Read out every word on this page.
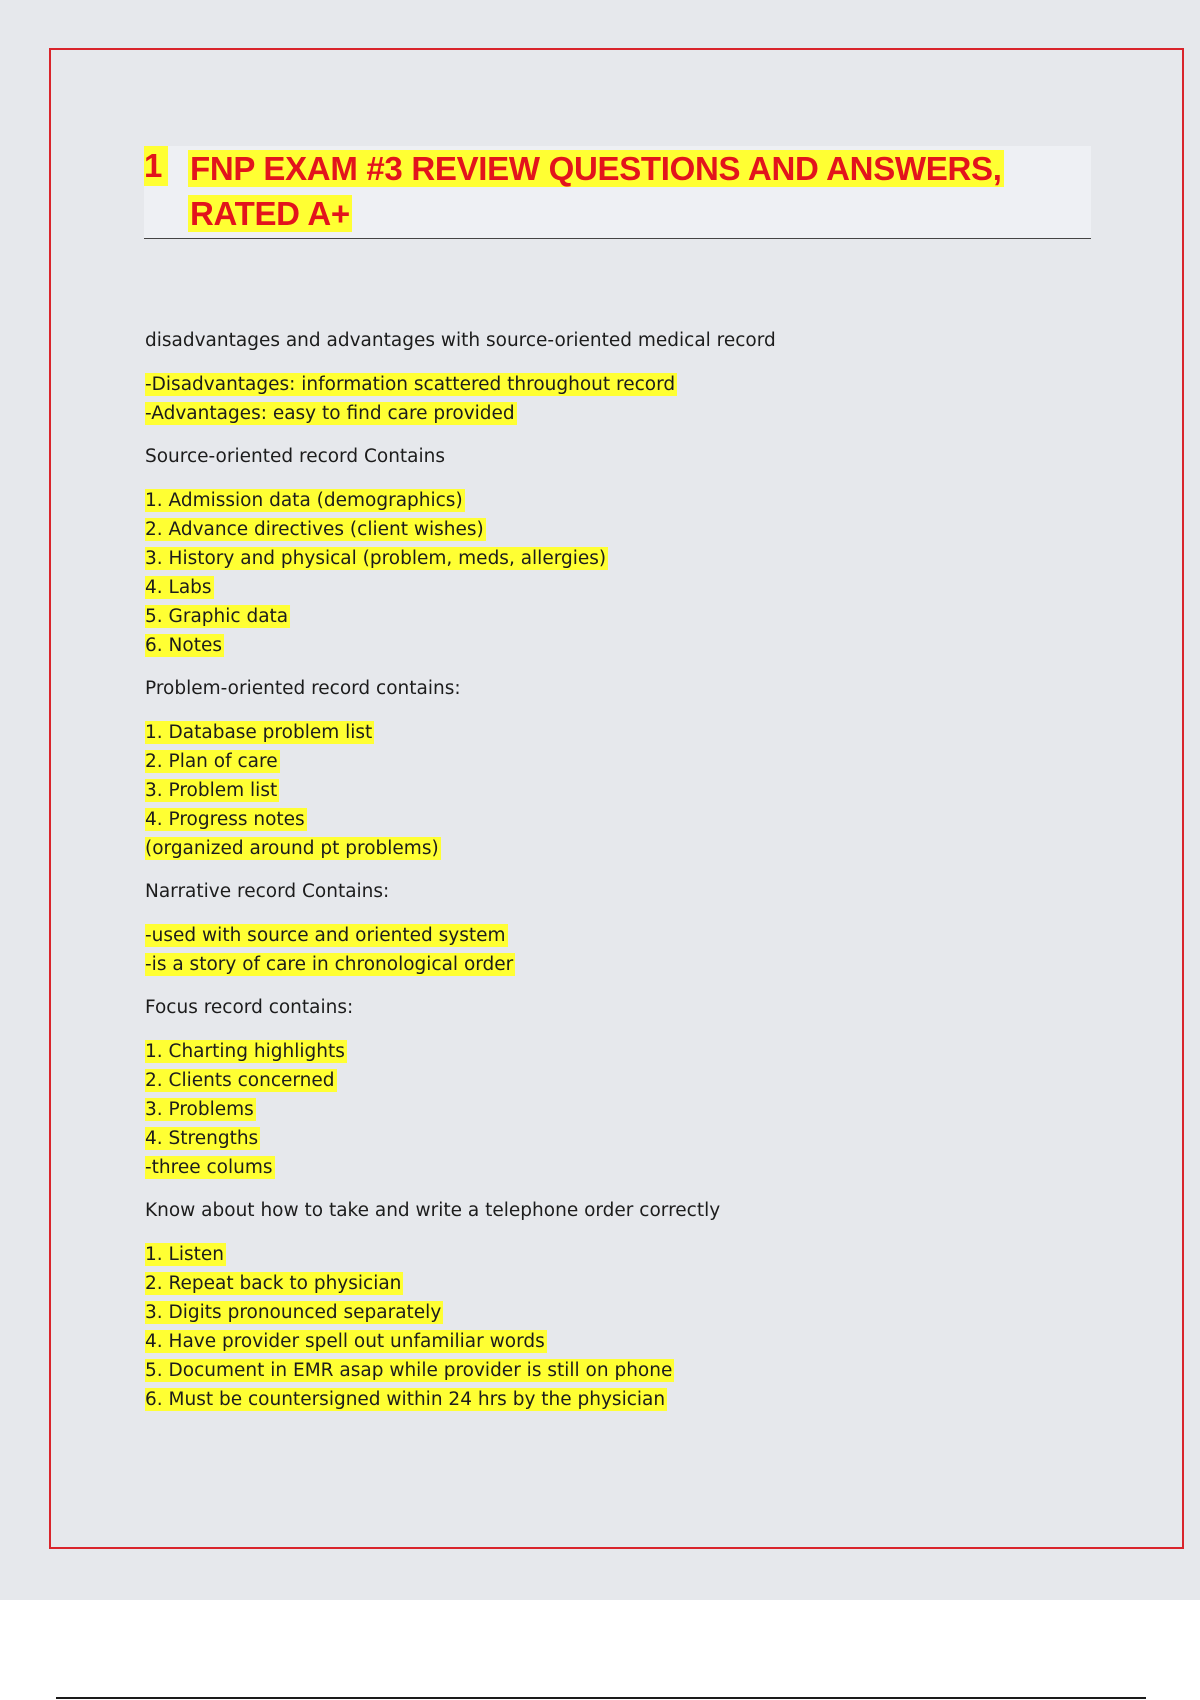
1 FNP EXAM #3 REVIEW QUESTIONS AND ANSWERS, RATED A+
disadvantages and advantages with source-oriented medical record
-Disadvantages: information scattered throughout record
-Advantages: easy to find care provided
Source-oriented record Contains
1. Admission data (demographics)
2. Advance directives (client wishes)
3. History and physical (problem, meds, allergies)
4. Labs
5. Graphic data
6. Notes
Problem-oriented record contains:
1. Database problem list
2. Plan of care
3. Problem list
4. Progress notes
(organized around pt problems)
Narrative record Contains:
-used with source and oriented system
-is a story of care in chronological order
Focus record contains:
1. Charting highlights
2. Clients concerned
3. Problems
4. Strengths
-three colums
Know about how to take and write a telephone order correctly
1. Listen
2. Repeat back to physician
3. Digits pronounced separately
4. Have provider spell out unfamiliar words
5. Document in EMR asap while provider is still on phone
6. Must be countersigned within 24 hrs by the physician
